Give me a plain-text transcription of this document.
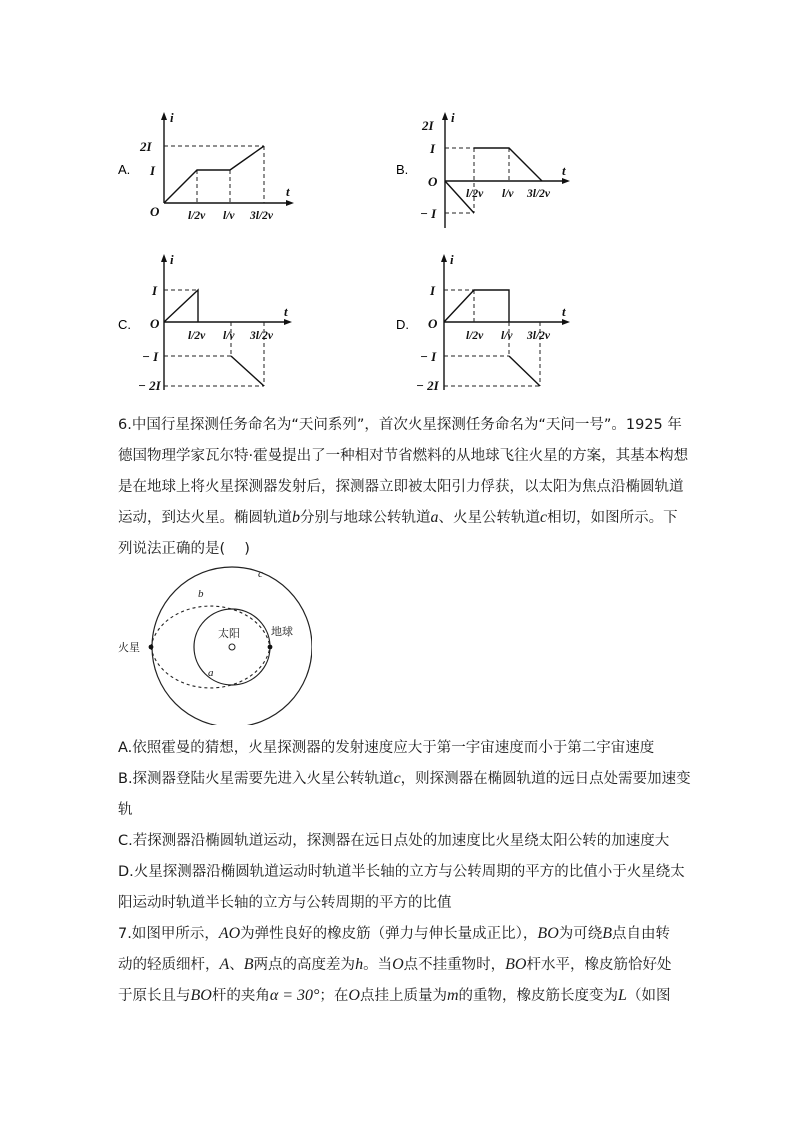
A.
i
t
O
2I
I
l/2v l/v 3l/2v
B.
i
t
O
2I
I
− I
l/2v l/v 3l/2v
C.
i
t
O
I
− I
− 2I
l/2v l/v 3l/2v
D.
i
t
O
I
− I
− 2I
l/2v l/v 3l/2v
6.中国行星探测任务命名为“天问系列”，首次火星探测任务命名为“天问一号”。1925 年
德国物理学家瓦尔特·霍曼提出了一种相对节省燃料的从地球飞往火星的方案，其基本构想
是在地球上将火星探测器发射后，探测器立即被太阳引力俘获，以太阳为焦点沿椭圆轨道
运动，到达火星。椭圆轨道b分别与地球公转轨道a、火星公转轨道c相切，如图所示。下
列说法正确的是(　 )
火星
太阳	地球
c
b
a
A.依照霍曼的猜想，火星探测器的发射速度应大于第一宇宙速度而小于第二宇宙速度
B.探测器登陆火星需要先进入火星公转轨道c，则探测器在椭圆轨道的远日点处需要加速变
轨
C.若探测器沿椭圆轨道运动，探测器在远日点处的加速度比火星绕太阳公转的加速度大
D.火星探测器沿椭圆轨道运动时轨道半长轴的立方与公转周期的平方的比值小于火星绕太
阳运动时轨道半长轴的立方与公转周期的平方的比值
7.如图甲所示，AO为弹性良好的橡皮筋（弹力与伸长量成正比），BO为可绕B点自由转
动的轻质细杆，A、B两点的高度差为h。当O点不挂重物时，BO杆水平，橡皮筋恰好处
于原长且与BO杆的夹角α = 30°；在O点挂上质量为m的重物，橡皮筋长度变为L（如图
